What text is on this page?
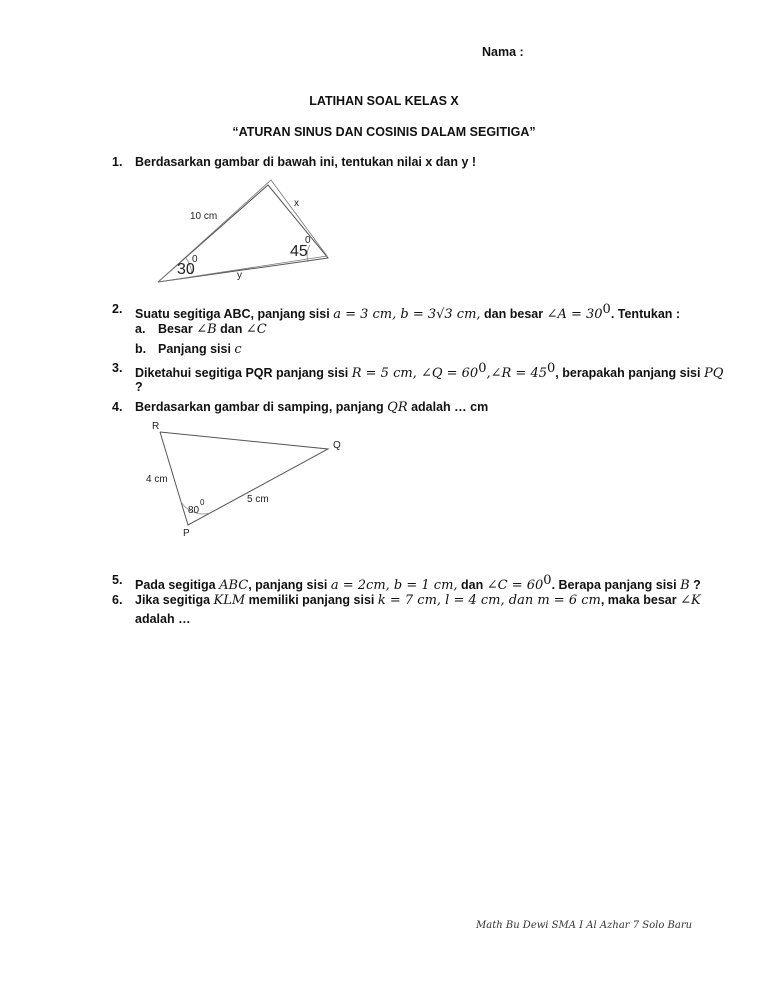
Nama :
LATIHAN SOAL KELAS X
“ATURAN SINUS DAN COSINIS DALAM SEGITIGA”
1. Berdasarkan gambar di bawah ini, tentukan nilai x dan y !
10 cm
x
y
30
0	45
0
2. Suatu segitiga ABC, panjang sisi a = 3 cm, b = 3√3 cm, dan besar ∠A = $30^0$. Tentukan :
a. Besar ∠B dan ∠C
b. Panjang sisi c
3. Diketahui segitiga PQR panjang sisi R = 5 cm, ∠Q = $60^0,\angle R = 45^0$, berapakah panjang sisi PQ
?
4. Berdasarkan gambar di samping, panjang QR adalah … cm
R
Q
P
4 cm
5 cm
80
0
5. Pada segitiga ABC, panjang sisi a = 2cm, b = 1 cm, dan ∠C = $60^0$. Berapa panjang sisi B ?
6. Jika segitiga KLM memiliki panjang sisi k = 7 cm, l = 4 cm, dan m = 6 cm, maka besar ∠K
adalah …
Math Bu Dewi SMA I Al Azhar 7 Solo Baru
